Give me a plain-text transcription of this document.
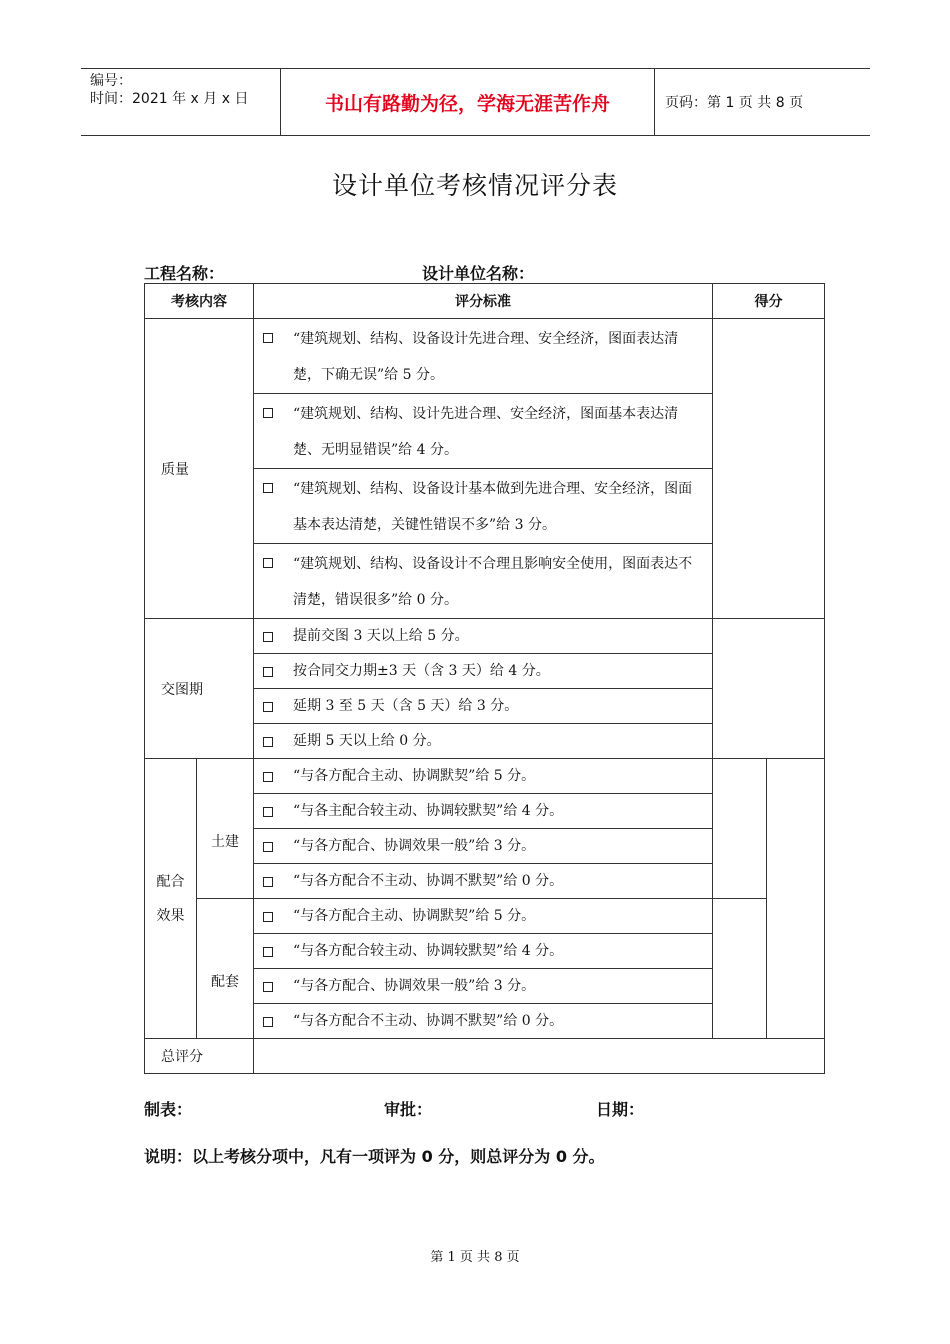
编号：
时间：2021 年 x 月 x 日	书山有路勤为径，学海无涯苦作舟	页码：第 1 页 共 8 页
设计单位考核情况评分表
工程名称：	设计单位名称：
考核内容		评分标准	得分	
质量		“建筑规划、结构、设备设计先进合理、安全经济，图面表达清楚，下确无误”给 5 分。		

		“建筑规划、结构、设计先进合理、安全经济，图面基本表达清楚、无明显错误”给 4 分。		

		“建筑规划、结构、设备设计基本做到先进合理、安全经济，图面基本表达清楚，关键性错误不多”给 3 分。		

		“建筑规划、结构、设备设计不合理且影响安全使用，图面表达不清楚，错误很多”给 0 分。		

交图期		提前交图 3 天以上给 5 分。		

		按合同交力期±3 天（含 3 天）给 4 分。		

		延期 3 至 5 天（含 5 天）给 3 分。		

		延期 5 天以上给 0 分。		

配合
效果	土建	“与各方配合主动、协调默契”给 5 分。		

		“与各主配合较主动、协调较默契”给 4 分。		

		“与各方配合、协调效果一般”给 3 分。		

		“与各方配合不主动、协调不默契”给 0 分。		

	配套	“与各方配合主动、协调默契”给 5 分。		

		“与各方配合较主动、协调较默契”给 4 分。		

		“与各方配合、协调效果一般”给 3 分。		

		“与各方配合不主动、协调不默契”给 0 分。		

总评分				
制表：	审批：	日期：
说明：以上考核分项中，凡有一项评为 0 分，则总评分为 0 分。
第 1 页 共 8 页
